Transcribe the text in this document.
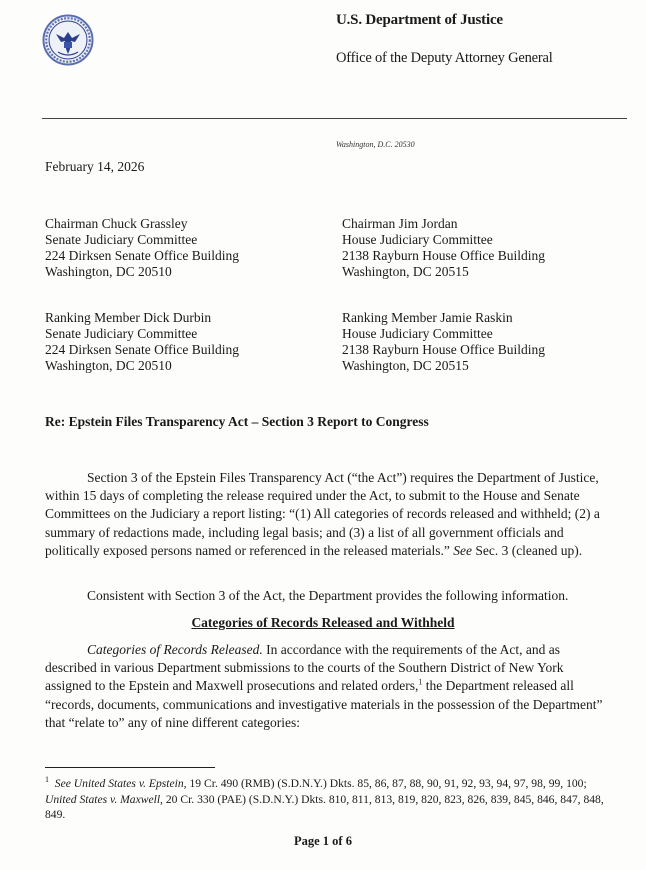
U.S. Department of Justice
Office of the Deputy Attorney General
Washington, D.C. 20530
February 14, 2026
Chairman Chuck Grassley
Senate Judiciary Committee
224 Dirksen Senate Office Building
Washington, DC 20510
Chairman Jim Jordan
House Judiciary Committee
2138 Rayburn House Office Building
Washington, DC 20515
Ranking Member Dick Durbin
Senate Judiciary Committee
224 Dirksen Senate Office Building
Washington, DC 20510
Ranking Member Jamie Raskin
House Judiciary Committee
2138 Rayburn House Office Building
Washington, DC 20515
Re: Epstein Files Transparency Act – Section 3 Report to Congress
Section 3 of the Epstein Files Transparency Act (“the Act”) requires the Department of Justice, within 15 days of completing the release required under the Act, to submit to the House and Senate Committees on the Judiciary a report listing: “(1) All categories of records released and withheld; (2) a summary of redactions made, including legal basis; and (3) a list of all government officials and politically exposed persons named or referenced in the released materials.” See Sec. 3 (cleaned up).
Consistent with Section 3 of the Act, the Department provides the following information.
Categories of Records Released and Withheld
Categories of Records Released. In accordance with the requirements of the Act, and as described in various Department submissions to the courts of the Southern District of New York assigned to the Epstein and Maxwell prosecutions and related orders,$^1$ the Department released all “records, documents, communications and investigative materials in the possession of the Department” that “relate to” any of nine different categories:
$^1$ See United States v. Epstein, 19 Cr. 490 (RMB) (S.D.N.Y.) Dkts. 85, 86, 87, 88, 90, 91, 92, 93, 94, 97, 98, 99, 100; United States v. Maxwell, 20 Cr. 330 (PAE) (S.D.N.Y.) Dkts. 810, 811, 813, 819, 820, 823, 826, 839, 845, 846, 847, 848, 849.
Page 1 of 6
